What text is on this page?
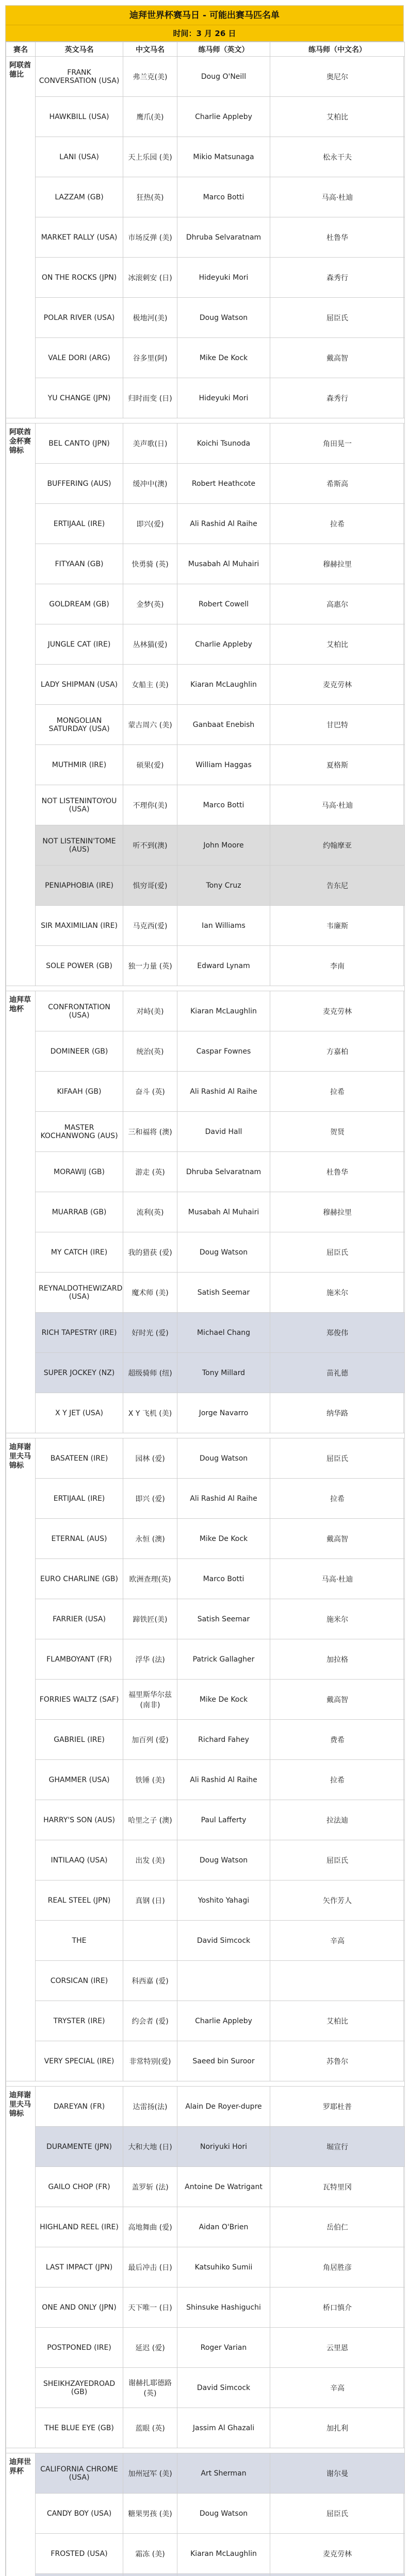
迪拜世界杯赛马日 - 可能出赛马匹名单
时间：3 月 26 日
赛名	英文马名	中文马名	练马师（英文）	练马师（中文名）
阿联酋德比	FRANK CONVERSATION (USA)	弗兰克(美)	Doug O'Neill	奥尼尔
	HAWKBILL (USA)	鹰爪(美)	Charlie Appleby	艾柏比
	LANI (USA)	天上乐园 (美)	Mikio Matsunaga	松永干夫
	LAZZAM (GB)	狂热(英)	Marco Botti	马高·杜迪
	MARKET RALLY (USA)	市场反弹 (美)	Dhruba Selvaratnam	杜鲁华
	ON THE ROCKS (JPN)	冰滚刺安 (日)	Hideyuki Mori	森秀行
	POLAR RIVER (USA)	极地河(美)	Doug Watson	屈臣氏
	VALE DORI (ARG)	谷多里(阿)	Mike De Kock	戴高智
	YU CHANGE (JPN)	归时而变 (日)	Hideyuki Mori	森秀行

阿联酋金杯赛锦标	BEL CANTO (JPN)	美声歌(日)	Koichi Tsunoda	角田晃一
	BUFFERING (AUS)	缓冲中(澳)	Robert Heathcote	希斯高
	ERTIJAAL (IRE)	即兴(爱)	Ali Rashid Al Raihe	拉希
	FITYAAN (GB)	快勇骑 (英)	Musabah Al Muhairi	穆赫拉里
	GOLDREAM (GB)	金梦(英)	Robert Cowell	高惠尔
	JUNGLE CAT (IRE)	丛林猫(爱)	Charlie Appleby	艾柏比
	LADY SHIPMAN (USA)	女船主 (美)	Kiaran McLaughlin	麦克劳林
	MONGOLIAN SATURDAY (USA)	蒙古周六 (美)	Ganbaat Enebish	甘巴特
	MUTHMIR (IRE)	硕果(爱)	William Haggas	夏格斯
	NOT LISTENINTOYOU (USA)	不理你(美)	Marco Botti	马高·杜迪
	NOT LISTENIN'TOME (AUS)	听不到(澳)	John Moore	约翰摩亚
	PENIAPHOBIA (IRE)	惧穷哥(爱)	Tony Cruz	告东尼
	SIR MAXIMILIAN (IRE)	马克西(爱)	Ian Williams	韦廉斯
	SOLE POWER (GB)	独一力量 (英)	Edward Lynam	李南

迪拜草地杯	CONFRONTATION (USA)	对峙(美)	Kiaran McLaughlin	麦克劳林
	DOMINEER (GB)	统治(英)	Caspar Fownes	方嘉柏
	KIFAAH (GB)	奋斗 (英)	Ali Rashid Al Raihe	拉希
	MASTER KOCHANWONG (AUS)	三和福将 (澳)	David Hall	贺贤
	MORAWIJ (GB)	游走 (英)	Dhruba Selvaratnam	杜鲁华
	MUARRAB (GB)	流利(英)	Musabah Al Muhairi	穆赫拉里
	MY CATCH (IRE)	我的猎获 (爱)	Doug Watson	屈臣氏
	REYNALDOTHEWIZARD (USA)	魔术师 (美)	Satish Seemar	施米尔
	RICH TAPESTRY (IRE)	好时光 (爱)	Michael Chang	郑俊伟
	SUPER JOCKEY (NZ)	超级骑师 (纽)	Tony Millard	苗礼德
	X Y JET (USA)	X Y 飞机 (美)	Jorge Navarro	纳华路

迪拜谢里夫马锦标	BASATEEN (IRE)	园林 (爱)	Doug Watson	屈臣氏
	ERTIJAAL (IRE)	即兴 (爱)	Ali Rashid Al Raihe	拉希
	ETERNAL (AUS)	永恒 (澳)	Mike De Kock	戴高智
	EURO CHARLINE (GB)	欧洲查理(英)	Marco Botti	马高·杜迪
	FARRIER (USA)	蹄铁匠(美)	Satish Seemar	施米尔
	FLAMBOYANT (FR)	浮华 (法)	Patrick Gallagher	加拉格
	FORRIES WALTZ (SAF)	福里斯华尔兹 (南非)	Mike De Kock	戴高智
	GABRIEL (IRE)	加百列 (爱)	Richard Fahey	费希
	GHAMMER (USA)	铁锤 (美)	Ali Rashid Al Raihe	拉希
	HARRY'S SON (AUS)	哈里之子 (澳)	Paul Lafferty	拉法迪
	INTILAAQ (USA)	出发 (美)	Doug Watson	屈臣氏
	REAL STEEL (JPN)	真钢 (日)	Yoshito Yahagi	矢作芳人
	THE		David Simcock	辛高
	CORSICAN (IRE)	科西嘉 (爱)		
	TRYSTER (IRE)	约会者 (爱)	Charlie Appleby	艾柏比
	VERY SPECIAL (IRE)	非常特别(爱)	Saeed bin Suroor	苏鲁尔

迪拜谢里夫马锦标	DAREYAN (FR)	达雷扬(法)	Alain De Royer-dupre	罗耶杜普
	DURAMENTE (JPN)	大和大地 (日)	Noriyuki Hori	堀宣行
	GAILO CHOP (FR)	盖罗斩 (法)	Antoine De Watrigant	瓦特里冈
	HIGHLAND REEL (IRE)	高地舞曲 (爱)	Aidan O'Brien	岳伯仁
	LAST IMPACT (JPN)	最后冲击 (日)	Katsuhiko Sumii	角居胜彦
	ONE AND ONLY (JPN)	天下唯一 (日)	Shinsuke Hashiguchi	桥口慎介
	POSTPONED (IRE)	延迟 (爱)	Roger Varian	云里恩
	SHEIKHZAYEDROAD (GB)	谢赫扎耶德路 (英)	David Simcock	辛高
	THE BLUE EYE (GB)	蓝眼 (英)	Jassim Al Ghazali	加扎利

迪拜世界杯	CALIFORNIA CHROME (USA)	加州冠军 (美)	Art Sherman	谢尔曼
	CANDY BOY (USA)	糖果男孩 (美)	Doug Watson	屈臣氏
	FROSTED (USA)	霜冻 (美)	Kiaran McLaughlin	麦克劳林
